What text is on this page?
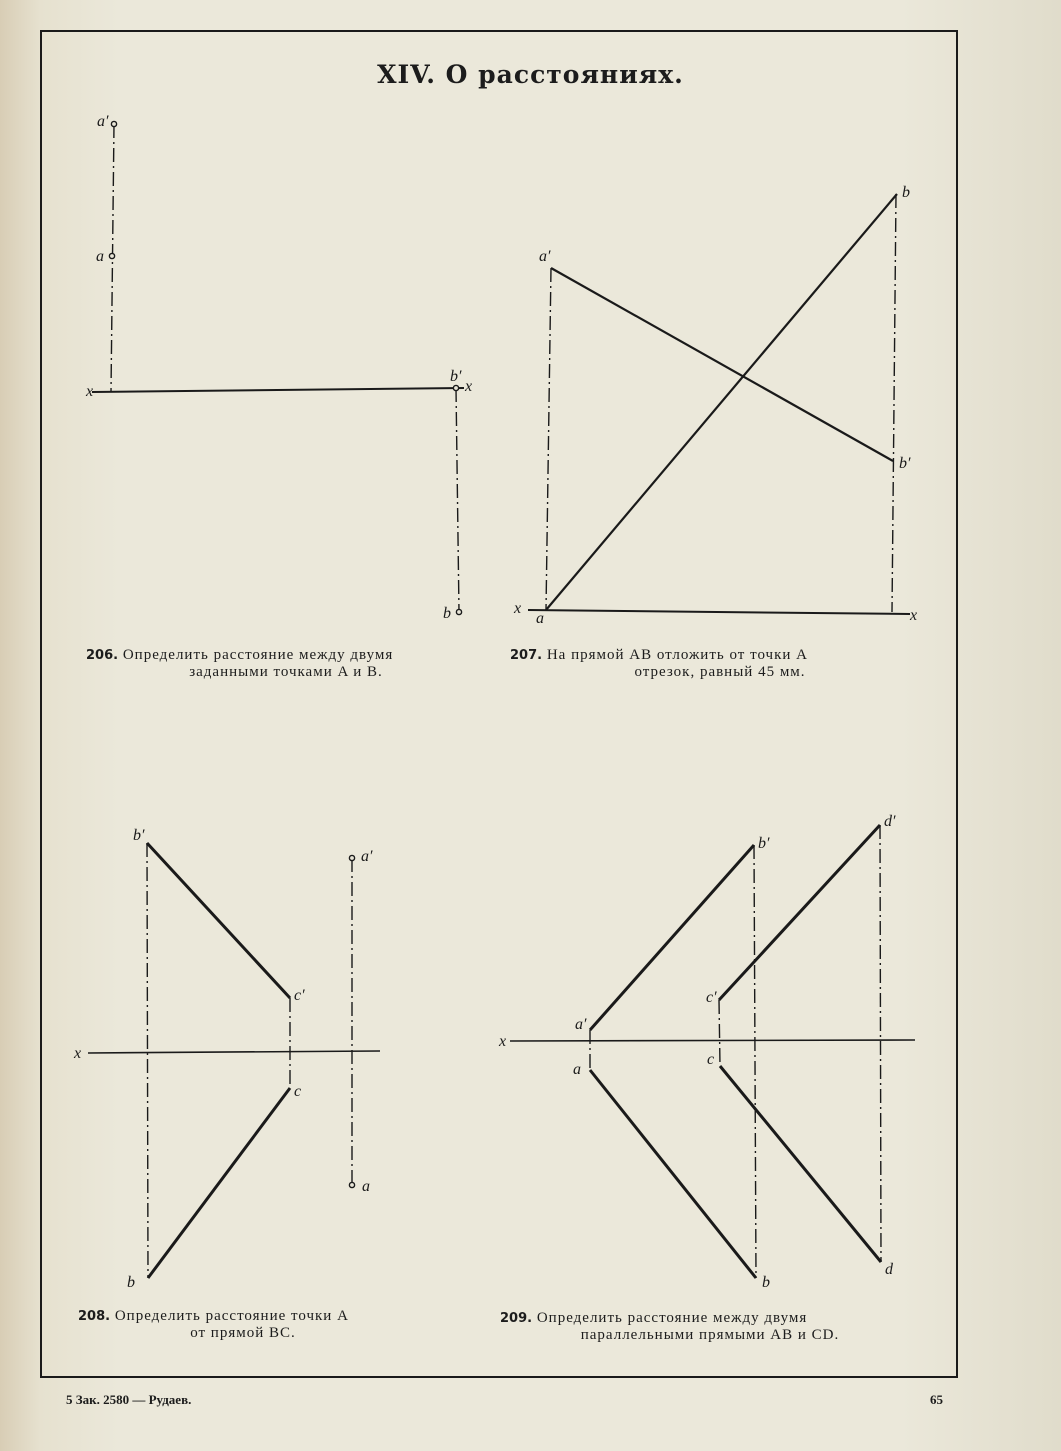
XIV. О расстояниях.
a′
a
x
b′
x
b
a′
b
b′
x
a	x
b′
a′
c′
x
c
a
b
d′
b′
c′
a′
x
c
a
d
b
206. Определить расстояние между двумя
заданными точками A и B.
207. На прямой AB отложить от точки A
отрезок, равный 45 мм.
208. Определить расстояние точки A
от прямой BC.
209. Определить расстояние между двумя
параллельными прямыми AB и CD.
5 Зак. 2580 — Рудаев.	65
